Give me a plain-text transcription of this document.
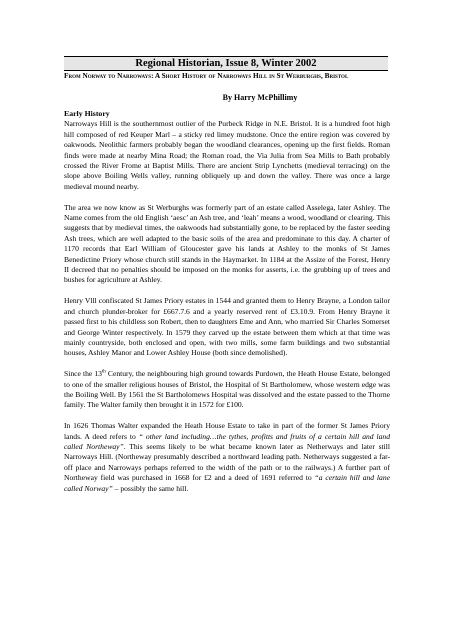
Regional Historian, Issue 8, Winter 2002
From Norway to Narroways: A Short History of Narroways Hill in St Werburghs, Bristol
By Harry McPhillimy
Early History

Narroways Hill is the southernmost outlier of the Purbeck Ridge in N.E. Bristol. It is a hundred foot high hill composed of red Keuper Marl – a sticky red limey mudstone. Once the entire region was covered by oakwoods. Neolithic farmers probably began the woodland clearances, opening up the first fields. Roman finds were made at nearby Mina Road; the Roman road, the Via Julia from Sea Mills to Bath probably crossed the River Frome at Baptist Mills. There are ancient Strip Lynchetts (medieval terracing) on the slope above Boiling Wells valley, running obliquely up and down the valley. There was once a large medieval mound nearby.

The area we now know as St Werburghs was formerly part of an estate called Asselega, later Ashley. The Name comes from the old English ‘aesc’ an Ash tree, and ‘leah’ means a wood, woodland or clearing. This suggests that by medieval times, the oakwoods had substantially gone, to be replaced by the faster seeding Ash trees, which are well adapted to the basic soils of the area and predominate to this day. A charter of 1170 records that Earl William of Gloucester gave his lands at Ashley to the monks of St James Benedictine Priory whose church still stands in the Haymarket. In 1184 at the Assize of the Forest, Henry II decreed that no penalties should be imposed on the monks for asserts, i.e. the grubbing up of trees and bushes for agriculture at Ashley.

Henry Vlll confiscated St James Priory estates in 1544 and granted them to Henry Brayne, a London tailor and church plunder-broker for £667.7.6 and a yearly reserved rent of £3.10.9. From Henry Brayne it passed first to his childless son Robert, then to daughters Eme and Ann, who married Sir Charles Somerset and George Winter respectively. In 1579 they carved up the estate between them which at that time was mainly countryside, both enclosed and open, with two mills, some farm buildings and two substantial houses, Ashley Manor and Lower Ashley House (both since demolished).

Since the 13th Century, the neighbouring high ground towards Purdown, the Heath House Estate, belonged to one of the smaller religious houses of Bristol, the Hospital of St Bartholomew, whose western edge was the Boiling Well. By 1561 the St Bartholomews Hospital was dissolved and the estate passed to the Thorne family. The Walter family then brought it in 1572 for £100.

In 1626 Thomas Walter expanded the Heath House Estate to take in part of the former St James Priory lands. A deed refers to “ other land including…the tythes, profitts and fruits of a certain hill and land called Northeway”. This seems likely to be what became known later as Netherways and later still Narroways Hill. (Northeway presumably described a northward leading path. Netherways suggested a far-off place and Narroways perhaps referred to the width of the path or to the railways.) A further part of Northeway field was purchased in 1668 for £2 and a deed of 1691 referred to “a certain hill and lane called Norway” – possibly the same hill.
